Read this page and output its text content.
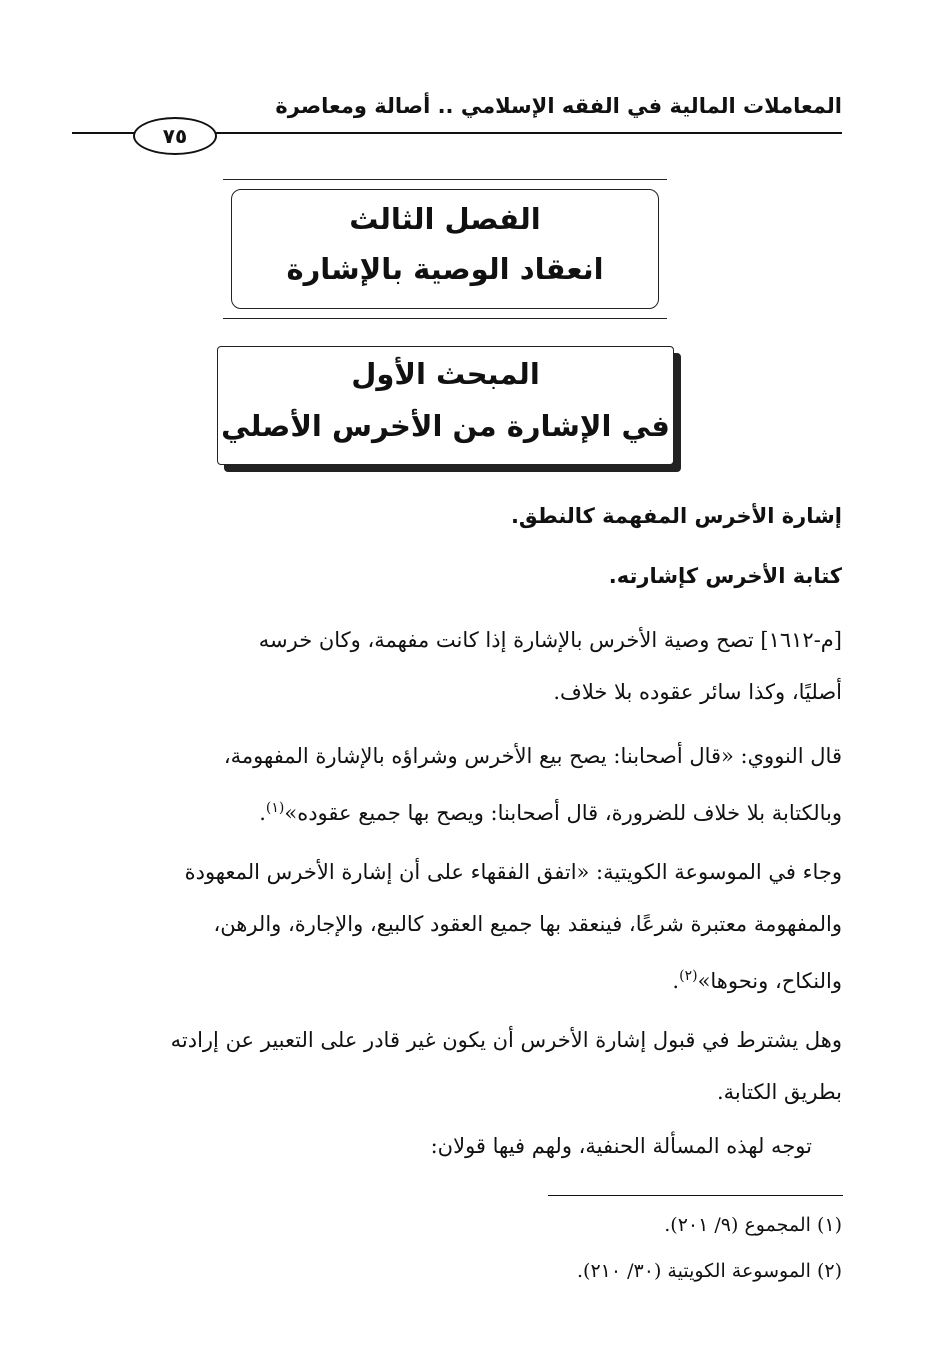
المعاملات المالية في الفقه الإسلامي .. أصالة ومعاصرة
٧٥
الفصل الثالث
انعقاد الوصية بالإشارة
المبحث الأول
في الإشارة من الأخرس الأصلي
إشارة الأخرس المفهمة كالنطق.
كتابة الأخرس كإشارته.
[م-١٦١٢] تصح وصية الأخرس بالإشارة إذا كانت مفهمة، وكان خرسه
أصليًا، وكذا سائر عقوده بلا خلاف.
قال النووي: «قال أصحابنا: يصح بيع الأخرس وشراؤه بالإشارة المفهومة،
وبالكتابة بلا خلاف للضرورة، قال أصحابنا: ويصح بها جميع عقوده»$^{(١)}$.
وجاء في الموسوعة الكويتية: «اتفق الفقهاء على أن إشارة الأخرس المعهودة
والمفهومة معتبرة شرعًا، فينعقد بها جميع العقود كالبيع، والإجارة، والرهن،
والنكاح، ونحوها»$^{(٢)}$.
وهل يشترط في قبول إشارة الأخرس أن يكون غير قادر على التعبير عن إرادته
بطريق الكتابة.
توجه لهذه المسألة الحنفية، ولهم فيها قولان:
(١) المجموع (٩/ ٢٠١).
(٢) الموسوعة الكويتية (٣٠/ ٢١٠).
